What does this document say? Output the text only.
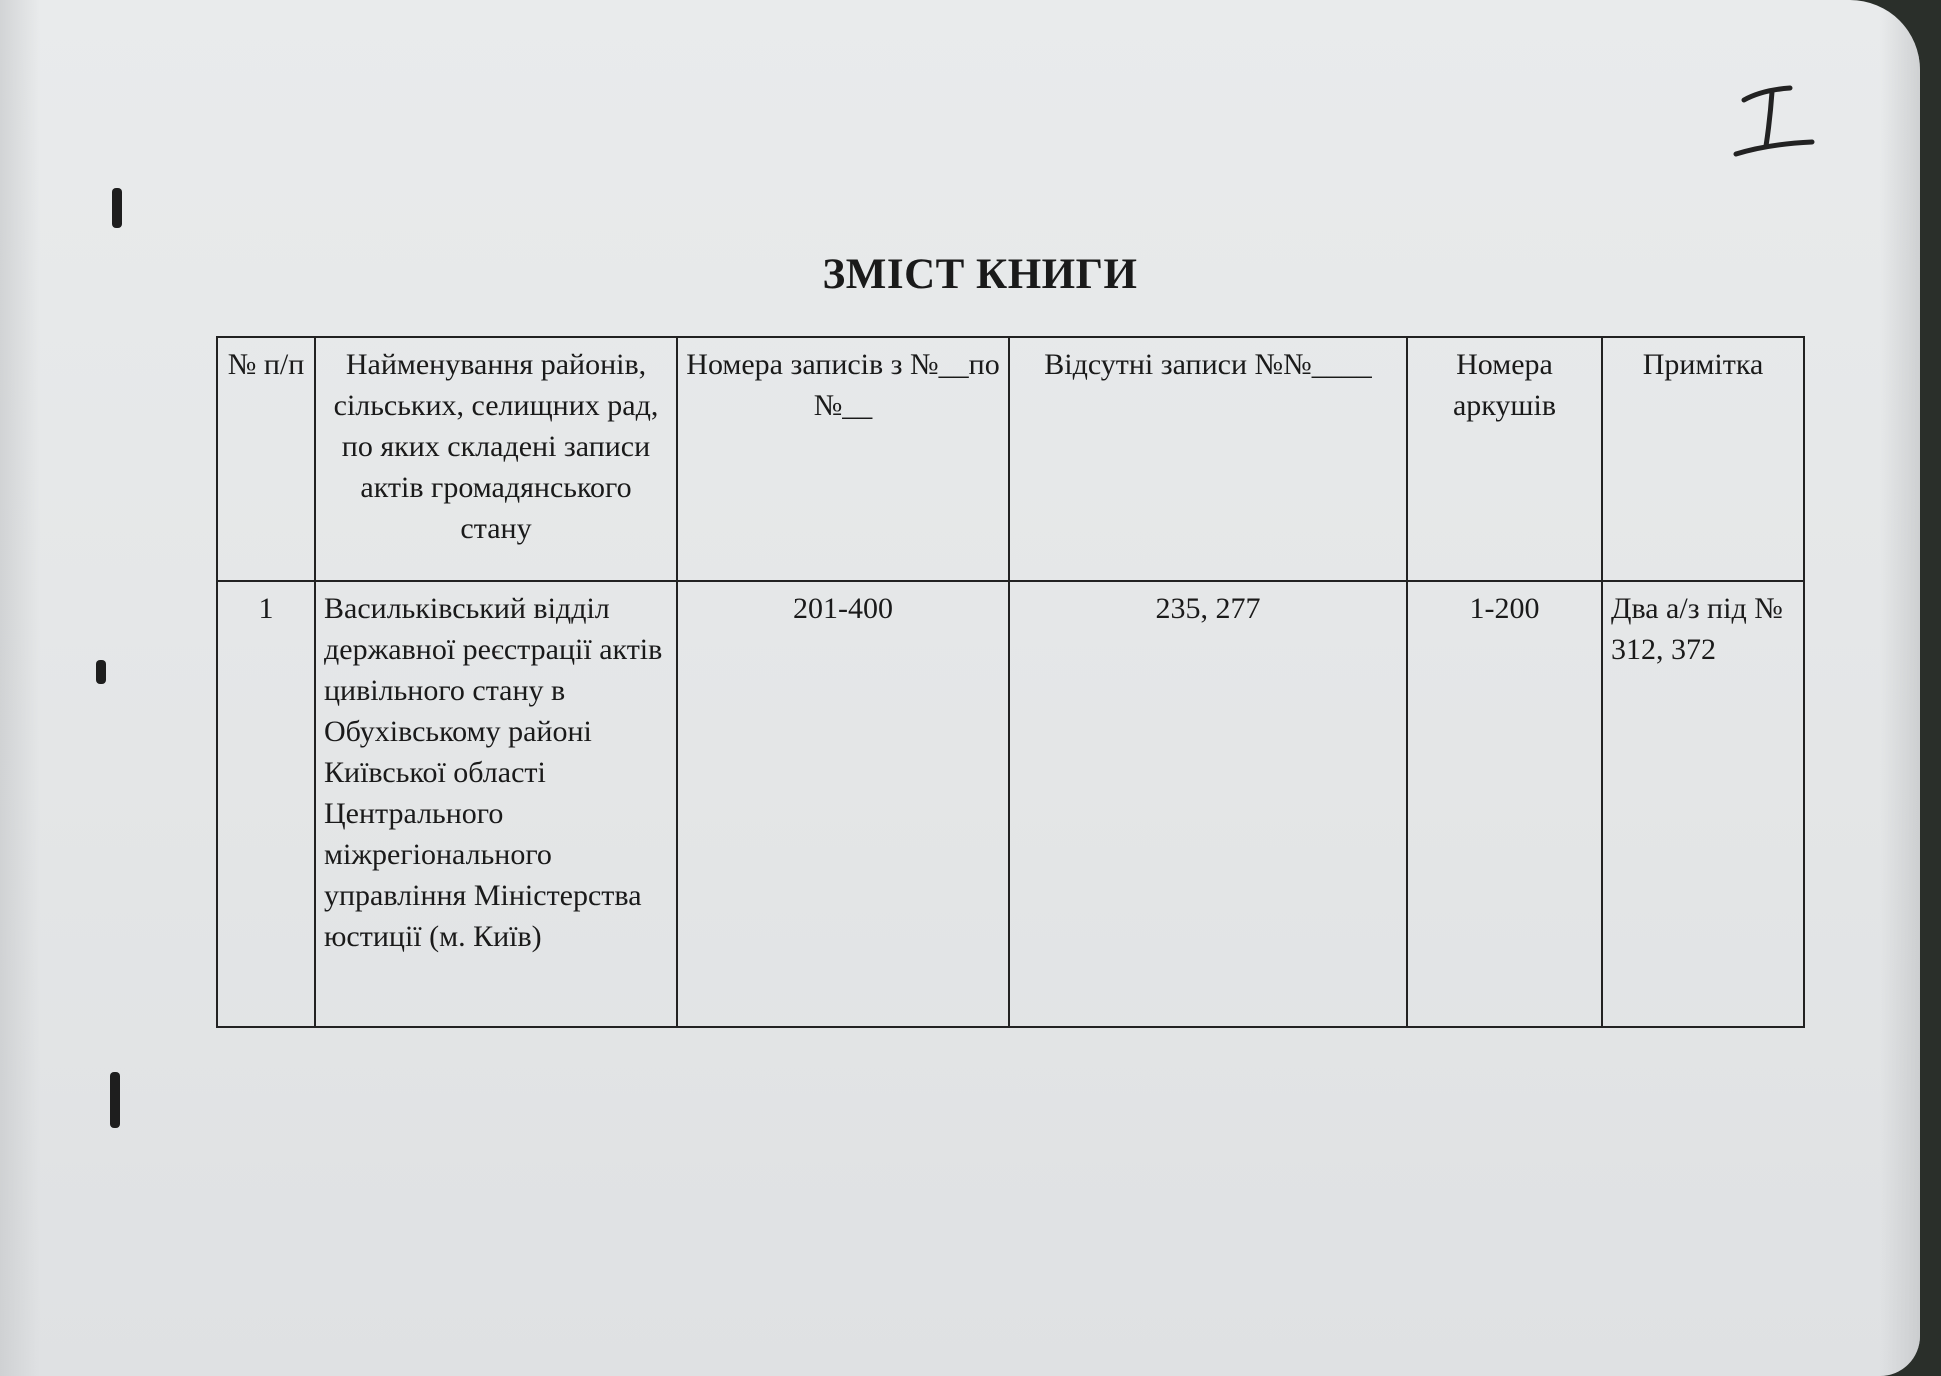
ЗМІСТ КНИГИ
№ п/п	Найменування районів, сільських, селищних рад, по яких складені записи актів громадянського стану	Номера записів з №__по №__	Відсутні записи №№____	Номера аркушів	Примітка
1	Васильківський відділ державної реєстрації актів цивільного стану в Обухівському районі Київської області Центрального міжрегіонального управління Міністерства юстиції (м. Київ)	201-400	235, 277	1-200	Два а/з під № 312, 372
